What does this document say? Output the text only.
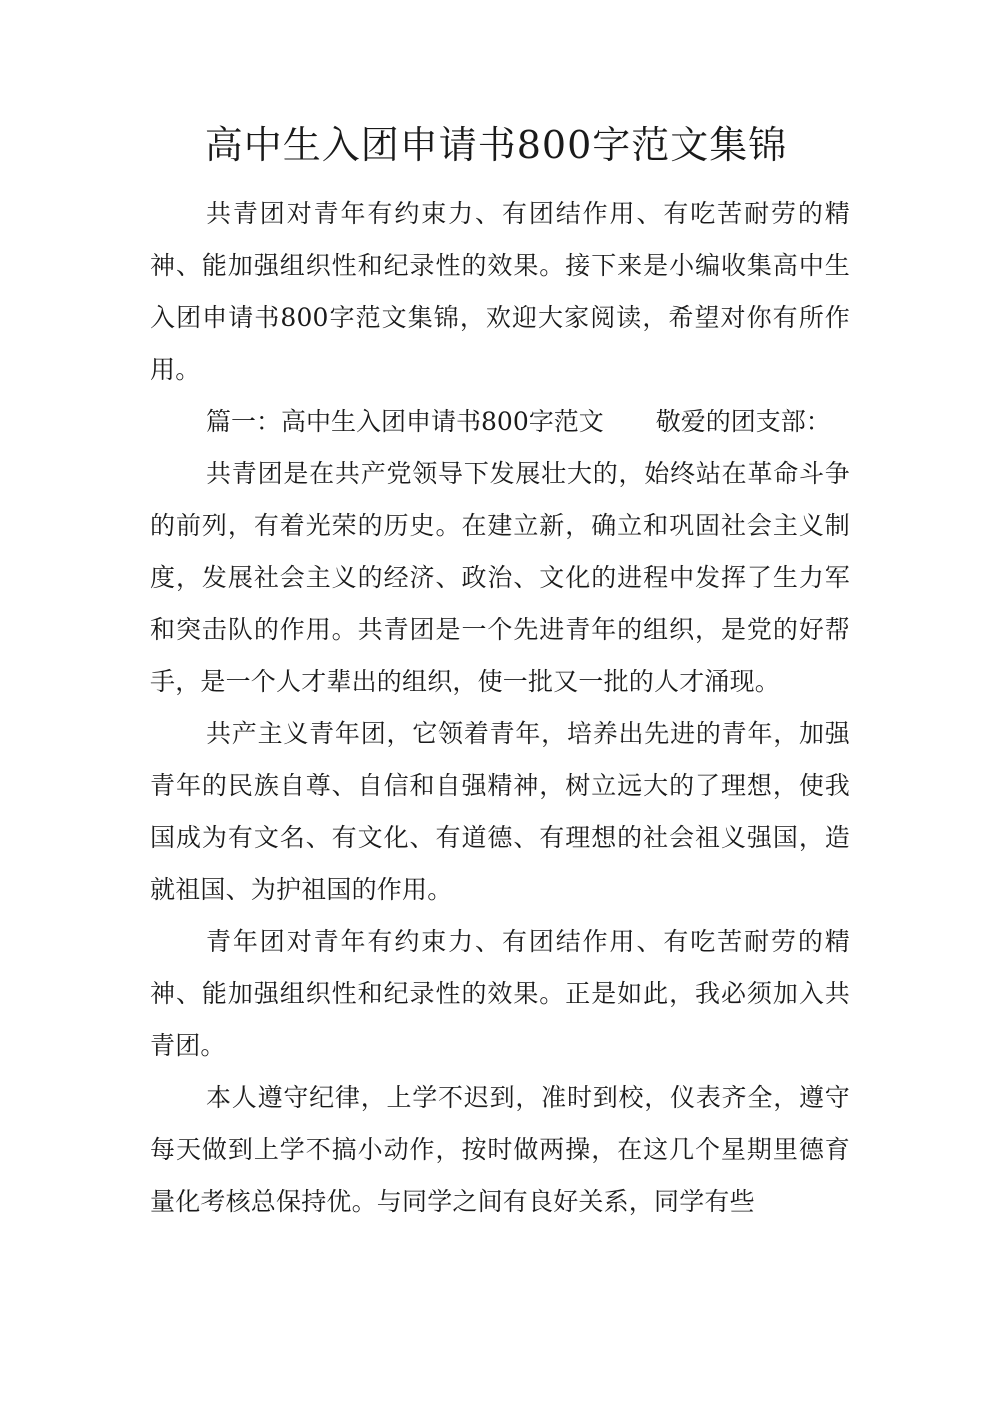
高中生入团申请书800字范文集锦

共青团对青年有约束力、有团结作用、有吃苦耐劳的精神、能加强组织性和纪录性的效果。接下来是小编收集高中生入团申请书800字范文集锦，欢迎大家阅读，希望对你有所作用。

篇一：高中生入团申请书800字范文 敬爱的团支部：

共青团是在共产党领导下发展壮大的，始终站在革命斗争的前列，有着光荣的历史。在建立新，确立和巩固社会主义制度，发展社会主义的经济、政治、文化的进程中发挥了生力军和突击队的作用。共青团是一个先进青年的组织，是党的好帮手，是一个人才辈出的组织，使一批又一批的人才涌现。

共产主义青年团，它领着青年，培养出先进的青年，加强青年的民族自尊、自信和自强精神，树立远大的了理想，使我国成为有文名、有文化、有道德、有理想的社会祖义强国，造就祖国、为护祖国的作用。

青年团对青年有约束力、有团结作用、有吃苦耐劳的精神、能加强组织性和纪录性的效果。正是如此，我必须加入共青团。

本人遵守纪律，上学不迟到，准时到校，仪表齐全，遵守每天做到上学不搞小动作，按时做两操，在这几个星期里德育量化考核总保持优。与同学之间有良好关系，同学有些
